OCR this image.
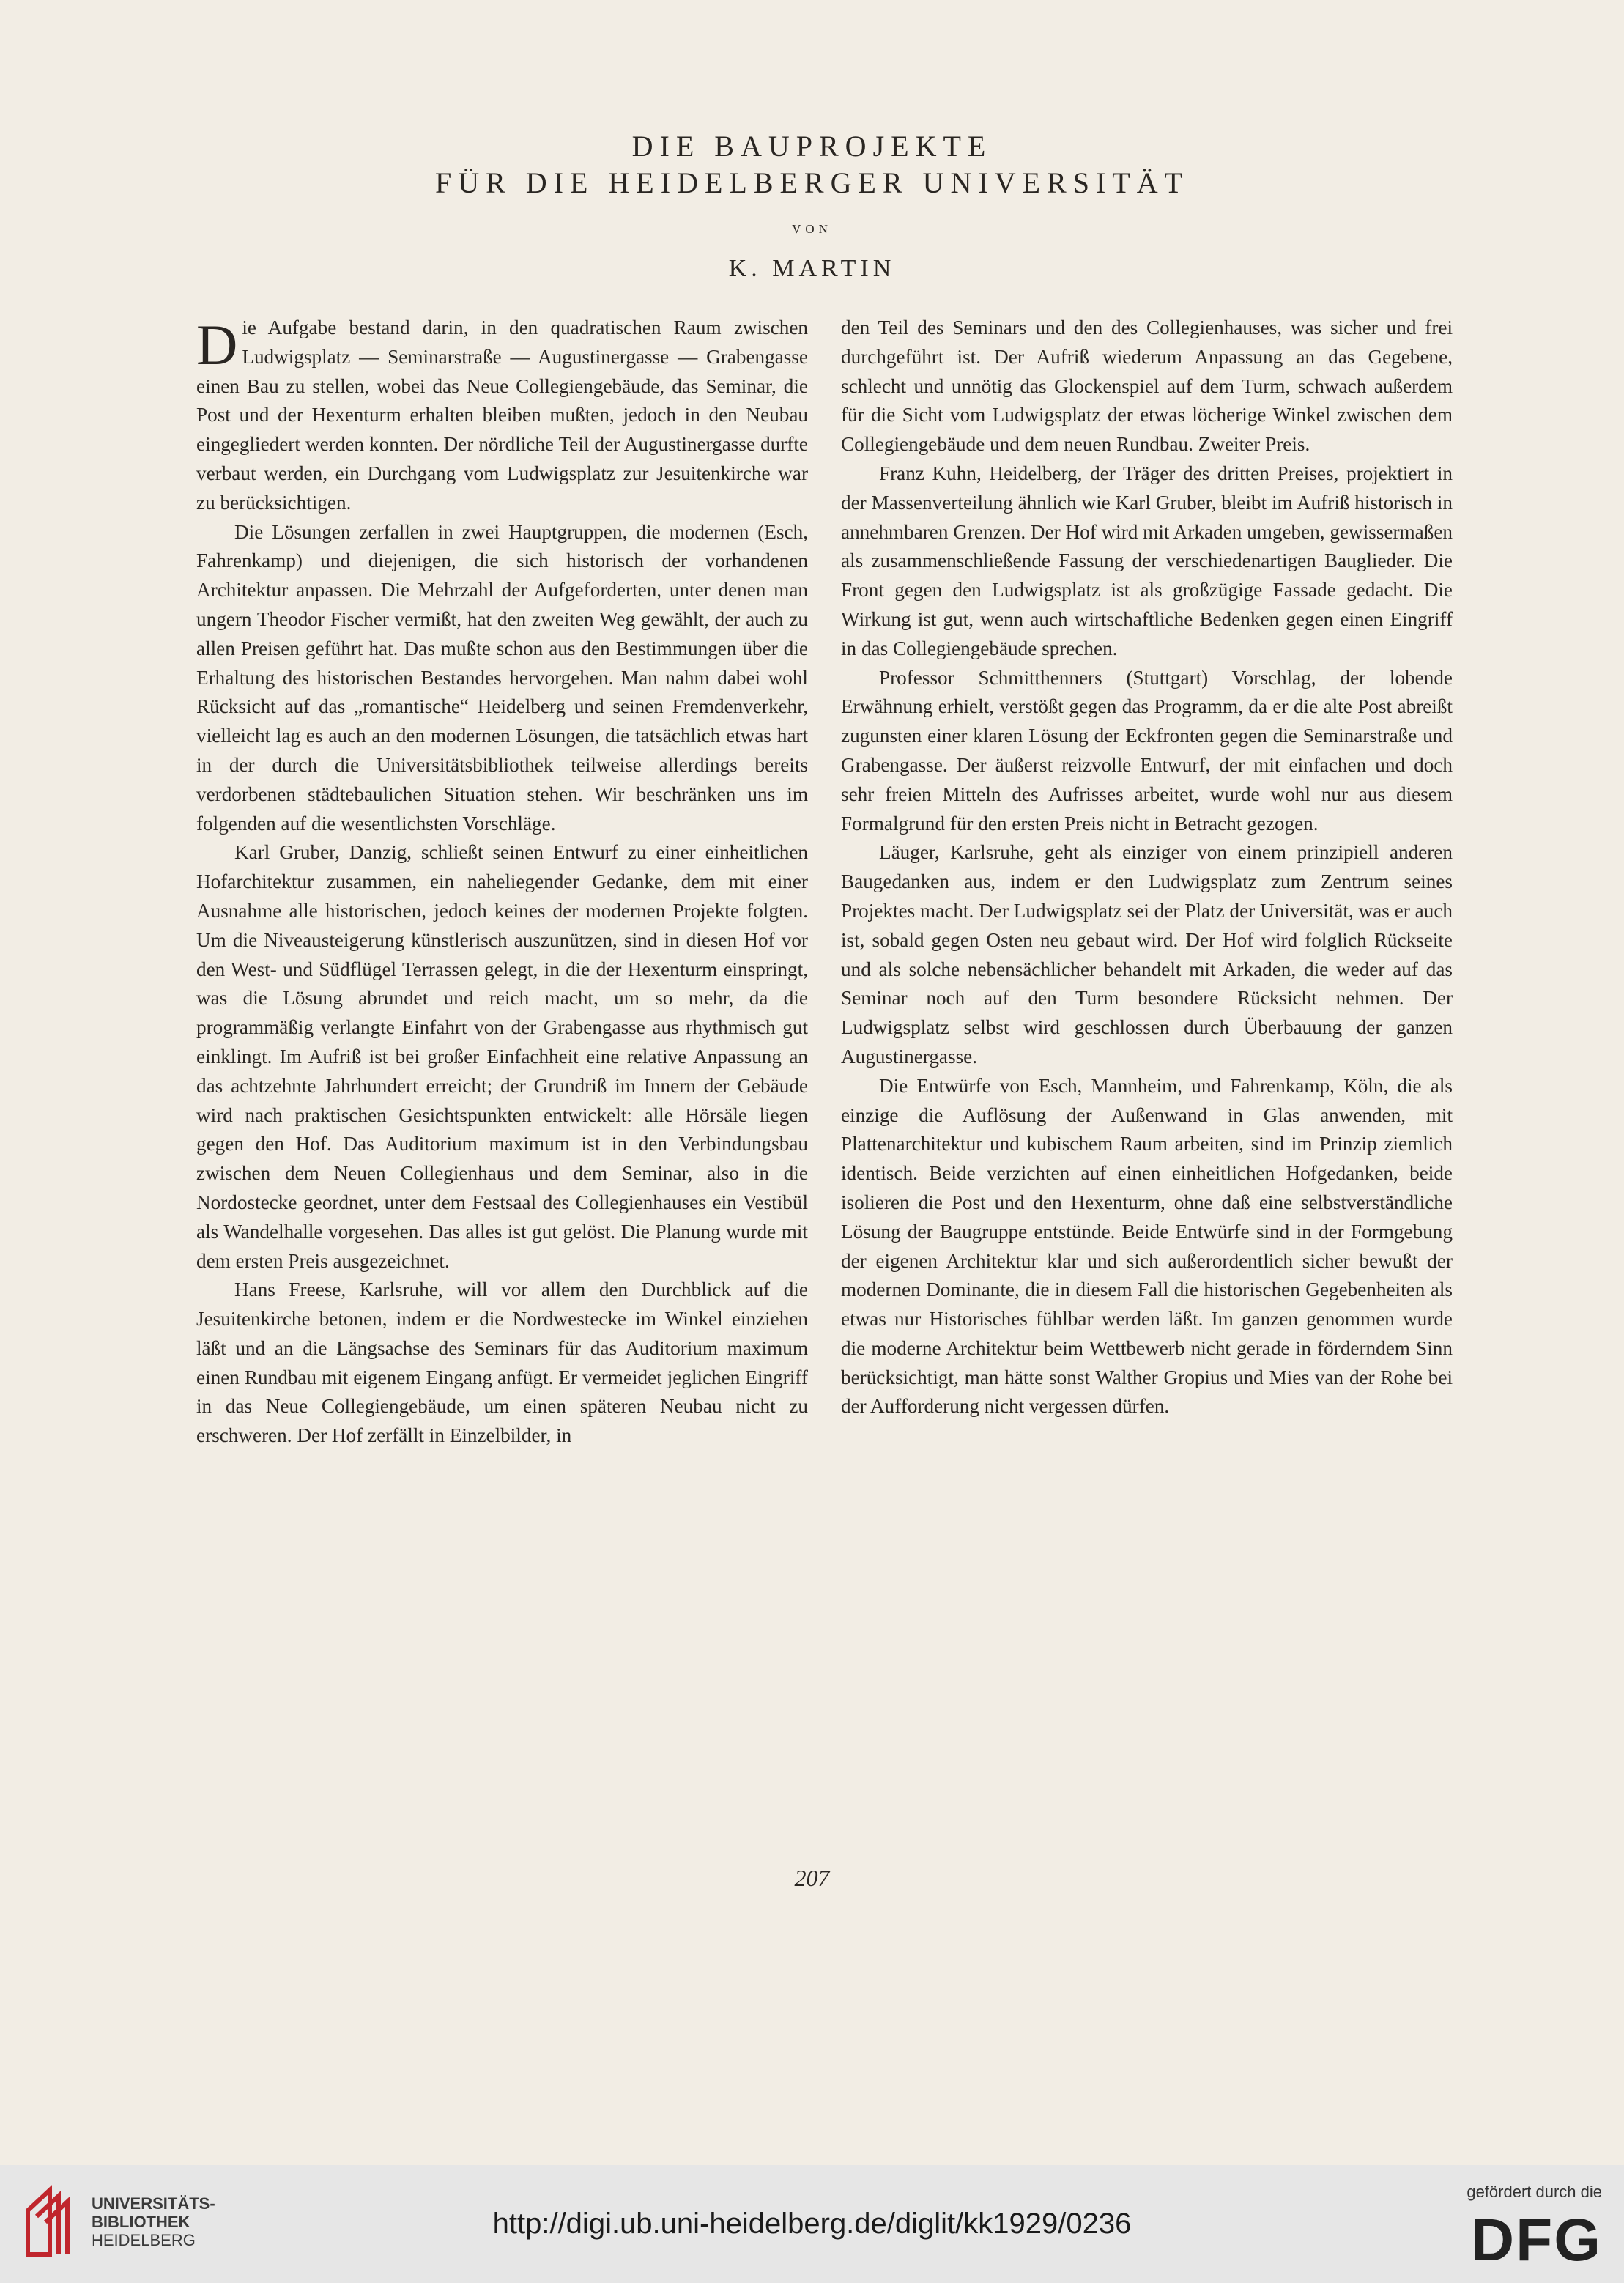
DIE BAUPROJEKTE
FÜR DIE HEIDELBERGER UNIVERSITÄT
VON
K. MARTIN

Die Aufgabe bestand darin, in den quadratischen Raum zwischen Ludwigsplatz — Seminarstraße — Augustinergasse — Grabengasse einen Bau zu stellen, wobei das Neue Collegiengebäude, das Seminar, die Post und der Hexenturm erhalten bleiben mußten, jedoch in den Neubau eingegliedert werden konnten. Der nördliche Teil der Augustinergasse durfte verbaut werden, ein Durchgang vom Ludwigsplatz zur Jesuitenkirche war zu berücksichtigen.

Die Lösungen zerfallen in zwei Hauptgruppen, die modernen (Esch, Fahrenkamp) und diejenigen, die sich historisch der vorhandenen Architektur anpassen. Die Mehrzahl der Aufgeforderten, unter denen man ungern Theodor Fischer vermißt, hat den zweiten Weg gewählt, der auch zu allen Preisen geführt hat. Das mußte schon aus den Bestimmungen über die Erhaltung des historischen Bestandes hervorgehen. Man nahm dabei wohl Rücksicht auf das „romantische“ Heidelberg und seinen Fremdenverkehr, vielleicht lag es auch an den modernen Lösungen, die tatsächlich etwas hart in der durch die Universitätsbibliothek teilweise allerdings bereits verdorbenen städtebaulichen Situation stehen. Wir beschränken uns im folgenden auf die wesentlichsten Vorschläge.

Karl Gruber, Danzig, schließt seinen Entwurf zu einer einheitlichen Hofarchitektur zusammen, ein naheliegender Gedanke, dem mit einer Ausnahme alle historischen, jedoch keines der modernen Projekte folgten. Um die Niveausteigerung künstlerisch auszunützen, sind in diesen Hof vor den West- und Südflügel Terrassen gelegt, in die der Hexenturm einspringt, was die Lösung abrundet und reich macht, um so mehr, da die programmäßig verlangte Einfahrt von der Grabengasse aus rhythmisch gut einklingt. Im Aufriß ist bei großer Einfachheit eine relative Anpassung an das achtzehnte Jahrhundert erreicht; der Grundriß im Innern der Gebäude wird nach praktischen Gesichtspunkten entwickelt: alle Hörsäle liegen gegen den Hof. Das Auditorium maximum ist in den Verbindungsbau zwischen dem Neuen Collegienhaus und dem Seminar, also in die Nordostecke geordnet, unter dem Festsaal des Collegienhauses ein Vestibül als Wandelhalle vorgesehen. Das alles ist gut gelöst. Die Planung wurde mit dem ersten Preis ausgezeichnet.

Hans Freese, Karlsruhe, will vor allem den Durchblick auf die Jesuitenkirche betonen, indem er die Nordwestecke im Winkel einziehen läßt und an die Längsachse des Seminars für das Auditorium maximum einen Rundbau mit eigenem Eingang anfügt. Er vermeidet jeglichen Eingriff in das Neue Collegiengebäude, um einen späteren Neubau nicht zu erschweren. Der Hof zerfällt in Einzelbilder, in

den Teil des Seminars und den des Collegienhauses, was sicher und frei durchgeführt ist. Der Aufriß wiederum Anpassung an das Gegebene, schlecht und unnötig das Glockenspiel auf dem Turm, schwach außerdem für die Sicht vom Ludwigsplatz der etwas löcherige Winkel zwischen dem Collegiengebäude und dem neuen Rundbau. Zweiter Preis.

Franz Kuhn, Heidelberg, der Träger des dritten Preises, projektiert in der Massenverteilung ähnlich wie Karl Gruber, bleibt im Aufriß historisch in annehmbaren Grenzen. Der Hof wird mit Arkaden umgeben, gewissermaßen als zusammenschließende Fassung der verschiedenartigen Bauglieder. Die Front gegen den Ludwigsplatz ist als großzügige Fassade gedacht. Die Wirkung ist gut, wenn auch wirtschaftliche Bedenken gegen einen Eingriff in das Collegiengebäude sprechen.

Professor Schmitthenners (Stuttgart) Vorschlag, der lobende Erwähnung erhielt, verstößt gegen das Programm, da er die alte Post abreißt zugunsten einer klaren Lösung der Eckfronten gegen die Seminarstraße und Grabengasse. Der äußerst reizvolle Entwurf, der mit einfachen und doch sehr freien Mitteln des Aufrisses arbeitet, wurde wohl nur aus diesem Formalgrund für den ersten Preis nicht in Betracht gezogen.

Läuger, Karlsruhe, geht als einziger von einem prinzipiell anderen Baugedanken aus, indem er den Ludwigsplatz zum Zentrum seines Projektes macht. Der Ludwigsplatz sei der Platz der Universität, was er auch ist, sobald gegen Osten neu gebaut wird. Der Hof wird folglich Rückseite und als solche nebensächlicher behandelt mit Arkaden, die weder auf das Seminar noch auf den Turm besondere Rücksicht nehmen. Der Ludwigsplatz selbst wird geschlossen durch Überbauung der ganzen Augustinergasse.

Die Entwürfe von Esch, Mannheim, und Fahrenkamp, Köln, die als einzige die Auflösung der Außenwand in Glas anwenden, mit Plattenarchitektur und kubischem Raum arbeiten, sind im Prinzip ziemlich identisch. Beide verzichten auf einen einheitlichen Hofgedanken, beide isolieren die Post und den Hexenturm, ohne daß eine selbstverständliche Lösung der Baugruppe entstünde. Beide Entwürfe sind in der Formgebung der eigenen Architektur klar und sich außerordentlich sicher bewußt der modernen Dominante, die in diesem Fall die historischen Gegebenheiten als etwas nur Historisches fühlbar werden läßt. Im ganzen genommen wurde die moderne Architektur beim Wettbewerb nicht gerade in förderndem Sinn berücksichtigt, man hätte sonst Walther Gropius und Mies van der Rohe bei der Aufforderung nicht vergessen dürfen.

207
UNIVERSITÄTS-
BIBLIOTHEK
HEIDELBERG
http://digi.ub.uni-heidelberg.de/diglit/kk1929/0236
gefördert durch die
DFG
